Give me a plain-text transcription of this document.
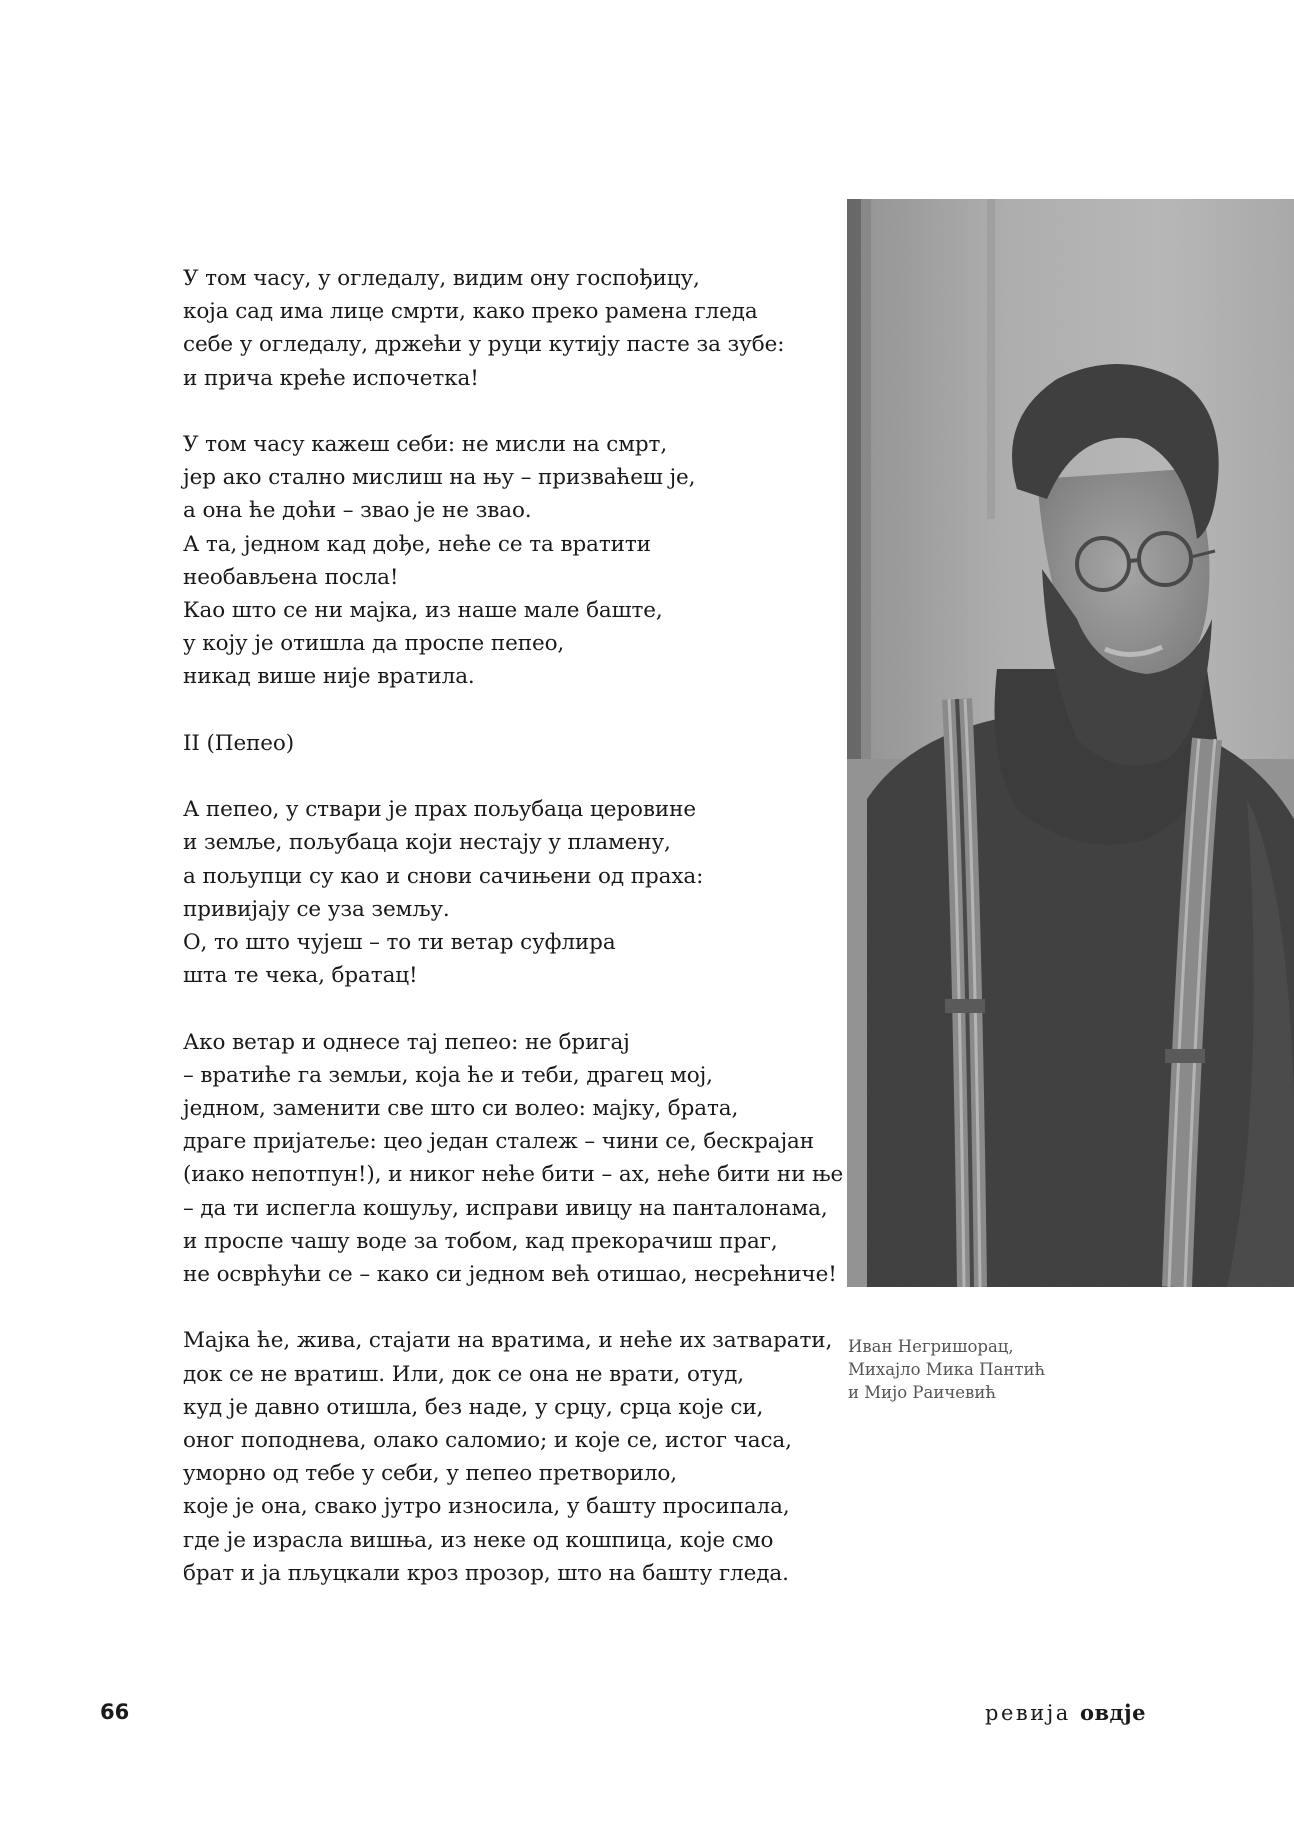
У том часу, у огледалу, видим ону госпођицу,
која сад има лице смрти, како преко рамена гледа
себе у огледалу, држећи у руци кутију пасте за зубе:
и прича креће испочетка!
У том часу кажеш себи: не мисли на смрт,
јер ако стално мислиш на њу – призваћеш је,
а она ће доћи – звао је не звао.
А та, једном кад дође, неће се та вратити
необављена посла!
Као што се ни мајка, из наше мале баште,
у коју је отишла да проспе пепео,
никад више није вратила.
II (Пепео)
А пепео, у ствари је прах пољубаца церовине
и земље, пољубаца који нестају у пламену,
а пољупци су као и снови сачињени од праха:
привијају се уза земљу.
О, то што чујеш – то ти ветар суфлира
шта те чека, братац!
Ако ветар и однесе тај пепео: не бригај
– вратиће га земљи, која ће и теби, драгец мој,
једном, заменити све што си волео: мајку, брата,
драге пријатеље: цео један сталеж – чини се, бескрајан
(иако непотпун!), и никог неће бити – ах, неће бити ни ње
– да ти испегла кошуљу, исправи ивицу на панталонама,
и проспе чашу воде за тобом, кад прекорачиш праг,
не осврћући се – како си једном већ отишао, несрећниче!
Мајка ће, жива, стајати на вратима, и неће их затварати,
док се не вратиш. Или, док се она не врати, отуд,
куд је давно отишла, без наде, у срцу, срца које си,
оног поподнева, олако саломио; и које се, истог часа,
уморно од тебе у себи, у пепео претворило,
које је она, свако јутро износила, у башту просипала,
где је израсла вишња, из неке од кошпица, које смо
брат и ја пљуцкали кроз прозор, што на башту гледа.
Иван Негришорац,
Михајло Мика Пантић
и Мијо Раичевић
66	ревија овдје
